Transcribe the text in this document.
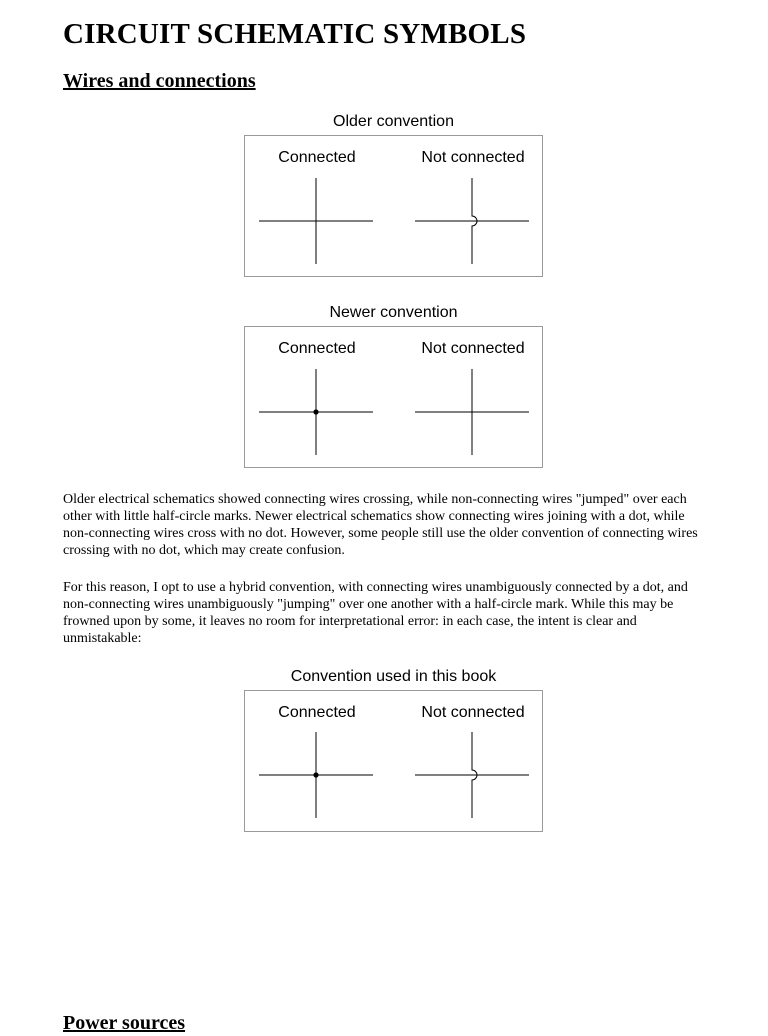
CIRCUIT SCHEMATIC SYMBOLS
Wires and connections
Older convention
Connected	Not connected
Newer convention
Connected	Not connected

Older electrical schematics showed connecting wires crossing, while non-connecting wires "jumped" over each other with little half-circle marks. Newer electrical schematics show connecting wires joining with a dot, while non-connecting wires cross with no dot. However, some people still use the older convention of connecting wires crossing with no dot, which may create confusion.

For this reason, I opt to use a hybrid convention, with connecting wires unambiguously connected by a dot, and non-connecting wires unambiguously "jumping" over one another with a half-circle mark. While this may be frowned upon by some, it leaves no room for interpretational error: in each case, the intent is clear and unmistakable:

Convention used in this book
Connected	Not connected
Power sources
